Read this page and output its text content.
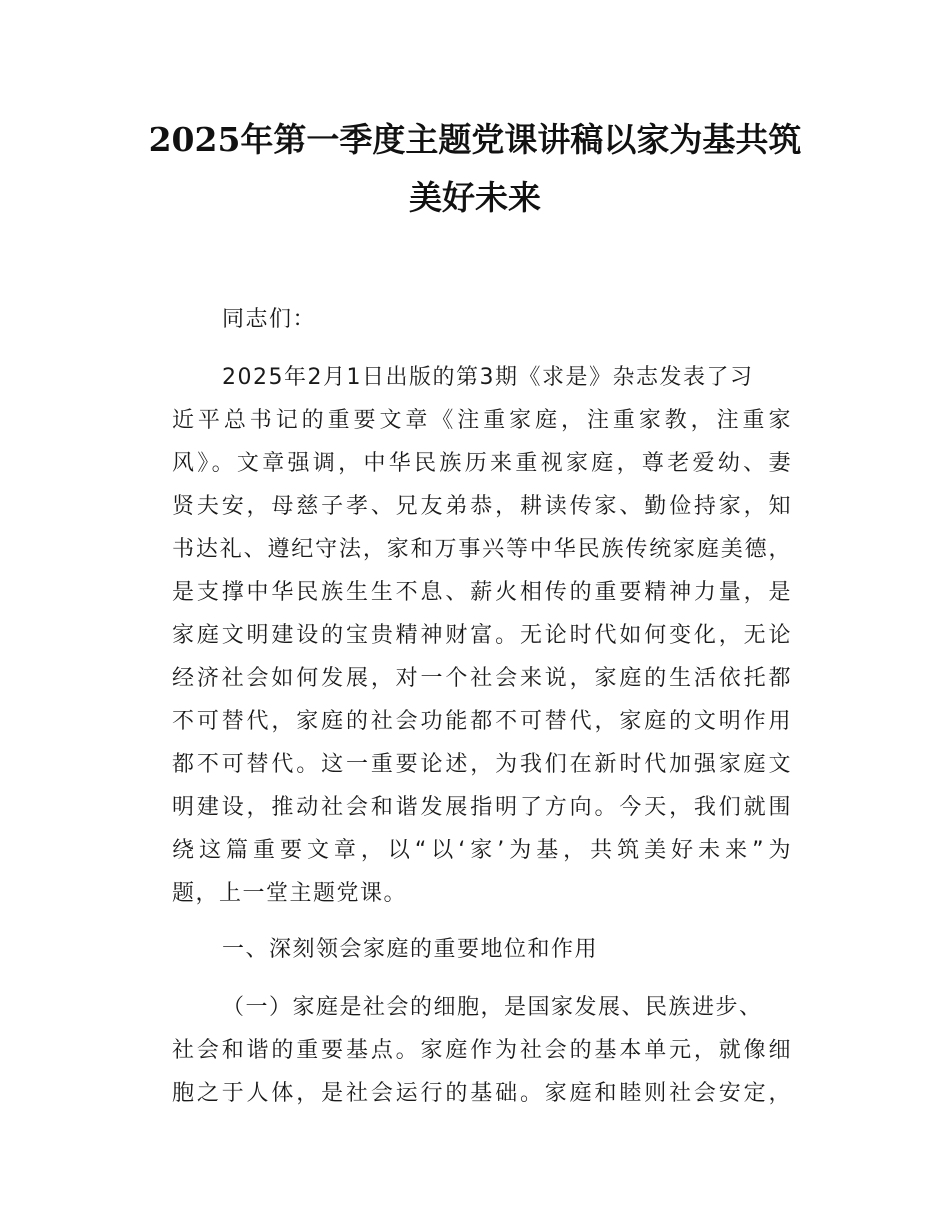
2025年第一季度主题党课讲稿以家为基共筑
美好未来
同志们：
2025年2月1日出版的第3期《求是》杂志发表了习
近平总书记的重要文章《注重家庭，注重家教，注重家
风》。文章强调，中华民族历来重视家庭，尊老爱幼、妻
贤夫安，母慈子孝、兄友弟恭，耕读传家、勤俭持家，知
书达礼、遵纪守法，家和万事兴等中华民族传统家庭美德，
是支撑中华民族生生不息、薪火相传的重要精神力量，是
家庭文明建设的宝贵精神财富。无论时代如何变化，无论
经济社会如何发展，对一个社会来说，家庭的生活依托都
不可替代，家庭的社会功能都不可替代，家庭的文明作用
都不可替代。这一重要论述，为我们在新时代加强家庭文
明建设，推动社会和谐发展指明了方向。今天，我们就围
绕这篇重要文章，以“以‘家’为基，共筑美好未来”为
题，上一堂主题党课。
一、深刻领会家庭的重要地位和作用
（一）家庭是社会的细胞，是国家发展、民族进步、
社会和谐的重要基点。家庭作为社会的基本单元，就像细
胞之于人体，是社会运行的基础。家庭和睦则社会安定，
